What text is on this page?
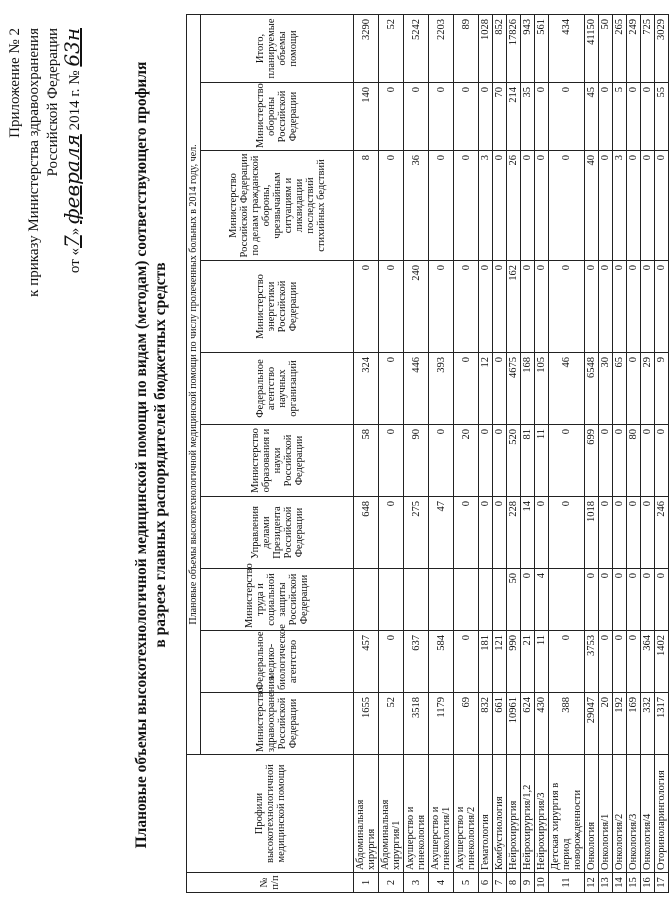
Приложение № 2 к приказу Министерства здравоохранения Российской Федерации
от «7» февраля 2014 г. № 63н
Плановые объемы высокотехнологичной медицинской помощи по видам (методам) соответствующего профиля в разрезе главных распорядителей бюджетных средств
№ п/п	Профили высокотехнологичной медицинской помощи	Плановые объемы высокотехнологичной медицинской помощи по числу пролеченных больных в 2014 году, чел.									
		Министерство здравоохранения Российской Федерации	Федеральное медико-биологическое агентство	Министерство труда и социальной защиты Российской Федерации	Управления делами Президента Российской Федерации	Министерство образования и науки Российской Федерации	Федеральное агентство научных организаций	Министерство энергетики Российской Федерации	Министерство Российской Федерации по делам гражданской обороны, чрезвычайным ситуациям и ликвидации последствий стихийных бедствий	Министерство обороны Российской Федерации	Итого, планируемые объемы помощи
1	Абдоминальная хирургия	1655	457		648	58	324	0	8	140	3290
2	Абдоминальная хирургия/1	52	0		0	0	0	0	0	0	52
3	Акушерство и гинекология	3518	637		275	90	446	240	36	0	5242
4	Акушерство и гинекология/1	1179	584		47	0	393	0	0	0	2203
5	Акушерство и гинекология/2	69	0		0	20	0	0	0	0	89
6	Гематология	832	181		0	0	12	0	3	0	1028
7	Комбустиология	661	121		0	0	0	0	0	70	852
8	Нейрохирургия	10961	990	50	228	520	4675	162	26	214	17826
9	Нейрохирургия/1,2	624	21	0	14	81	168	0	0	35	943
10	Нейрохирургия/3	430	11	4	0	11	105	0	0	0	561
11	Детская хирургия в период новорожденности	388	0		0	0	46	0	0	0	434
12	Онкология	29047	3753	0	1018	699	6548	0	40	45	41150
13	Онкология/1	20	0	0	0	0	30	0	0	0	50
14	Онкология/2	192	0	0	0	0	65	0	3	5	265
15	Онкология/3	169	0	0	0	80	0	0	0	0	249
16	Онкология/4	332	364	0	0	0	29	0	0	0	725
17	Оториноларингология	1317	1402	0	246	0	9	0	0	55	3029
